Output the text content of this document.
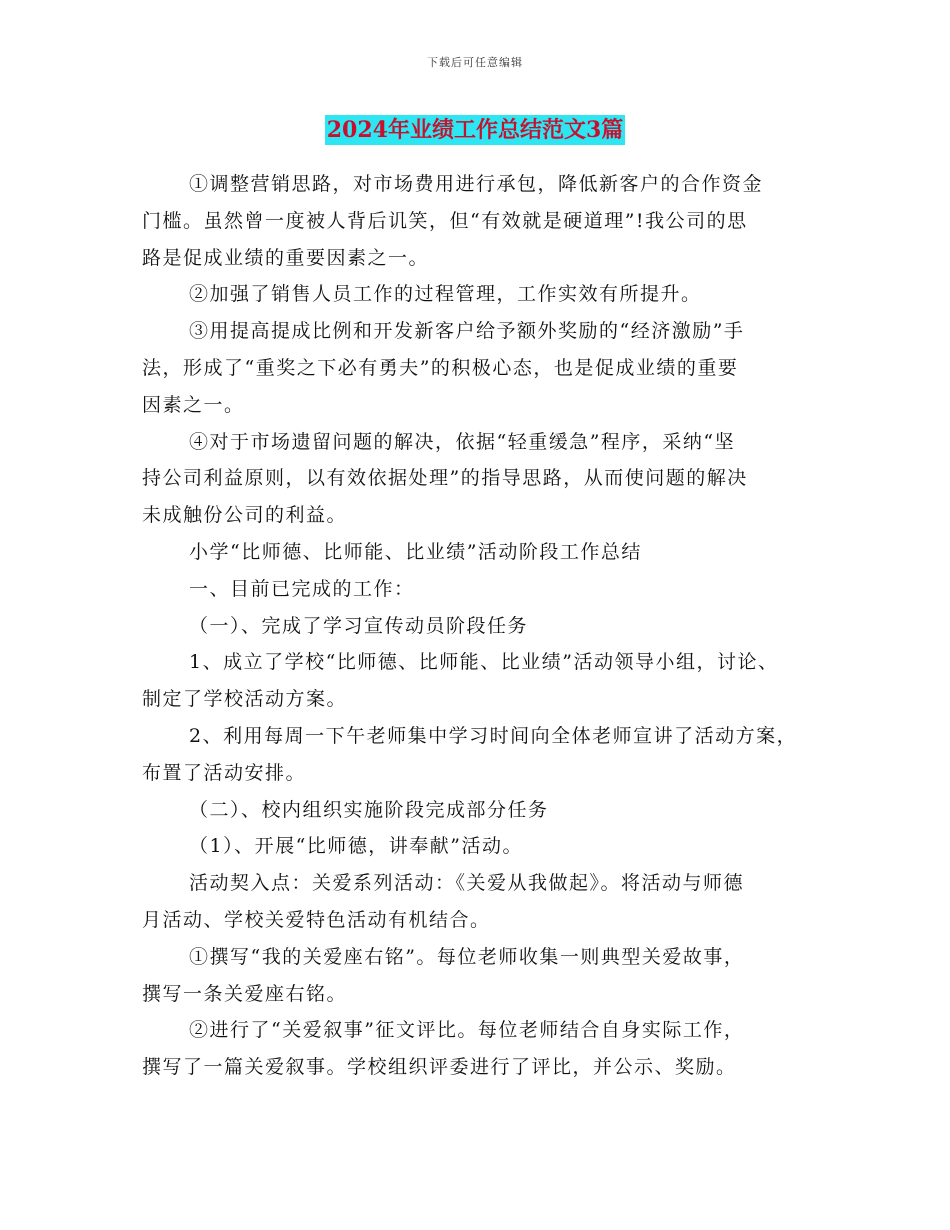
下载后可任意编辑
2024年业绩工作总结范文3篇

①调整营销思路，对市场费用进行承包，降低新客户的合作资金
门槛。虽然曾一度被人背后讥笑，但“有效就是硬道理”!我公司的思
路是促成业绩的重要因素之一。

②加强了销售人员工作的过程管理，工作实效有所提升。

③用提高提成比例和开发新客户给予额外奖励的“经济激励”手
法，形成了“重奖之下必有勇夫”的积极心态，也是促成业绩的重要
因素之一。

④对于市场遗留问题的解决，依据“轻重缓急”程序，采纳“坚
持公司利益原则，以有效依据处理”的指导思路，从而使问题的解决
未成触份公司的利益。

小学“比师德、比师能、比业绩”活动阶段工作总结

一、目前已完成的工作：

（一）、完成了学习宣传动员阶段任务

1、成立了学校“比师德、比师能、比业绩”活动领导小组，讨论、
制定了学校活动方案。

2、利用每周一下午老师集中学习时间向全体老师宣讲了活动方案，
布置了活动安排。

（二）、校内组织实施阶段完成部分任务

（1）、开展“比师德，讲奉献”活动。

活动契入点：关爱系列活动：《关爱从我做起》。将活动与师德
月活动、学校关爱特色活动有机结合。

①撰写“我的关爱座右铭”。每位老师收集一则典型关爱故事，
撰写一条关爱座右铭。

②进行了“关爱叙事”征文评比。每位老师结合自身实际工作，
撰写了一篇关爱叙事。学校组织评委进行了评比，并公示、奖励。
